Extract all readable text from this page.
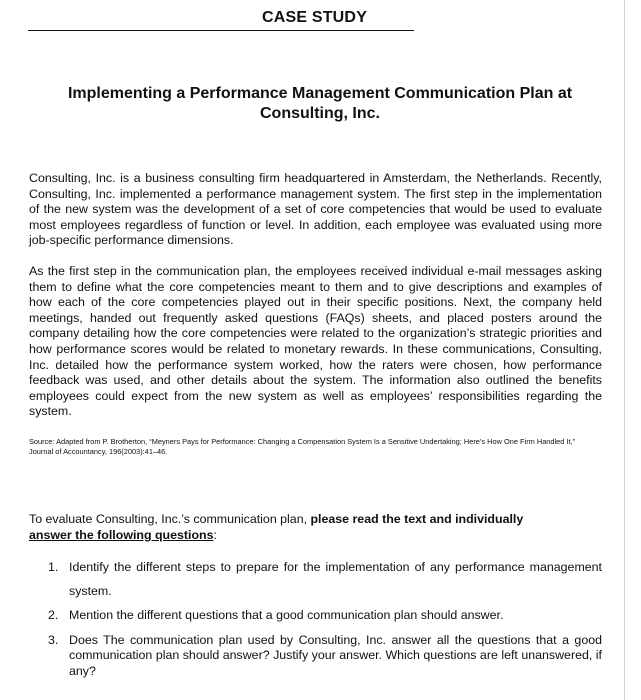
CASE STUDY
Implementing a Performance Management Communication Plan at Consulting, Inc.

Consulting, Inc. is a business consulting firm headquartered in Amsterdam, the Netherlands. Recently, Consulting, Inc. implemented a performance management system. The first step in the implementation of the new system was the development of a set of core competencies that would be used to evaluate most employees regardless of function or level. In addition, each employee was evaluated using more job-specific performance dimensions.

As the first step in the communication plan, the employees received individual e-mail messages asking them to define what the core competencies meant to them and to give descriptions and examples of how each of the core competencies played out in their specific positions. Next, the company held meetings, handed out frequently asked questions (FAQs) sheets, and placed posters around the company detailing how the core competencies were related to the organization’s strategic priorities and how performance scores would be related to monetary rewards. In these communications, Consulting, Inc. detailed how the performance system worked, how the raters were chosen, how performance feedback was used, and other details about the system. The information also outlined the benefits employees could expect from the new system as well as employees’ responsibilities regarding the system.

Source: Adapted from P. Brotherton, “Meyners Pays for Performance: Changing a Compensation System Is a Sensitive Undertaking; Here’s How One Firm Handled It,” Journal of Accountancy, 196(2003):41–46.

To evaluate Consulting, Inc.’s communication plan, please read the text and individually
answer the following questions:

1. Identify the different steps to prepare for the implementation of any performance management system.
2. Mention the different questions that a good communication plan should answer.
3. Does The communication plan used by Consulting, Inc. answer all the questions that a good communication plan should answer? Justify your answer. Which questions are left unanswered, if any?
